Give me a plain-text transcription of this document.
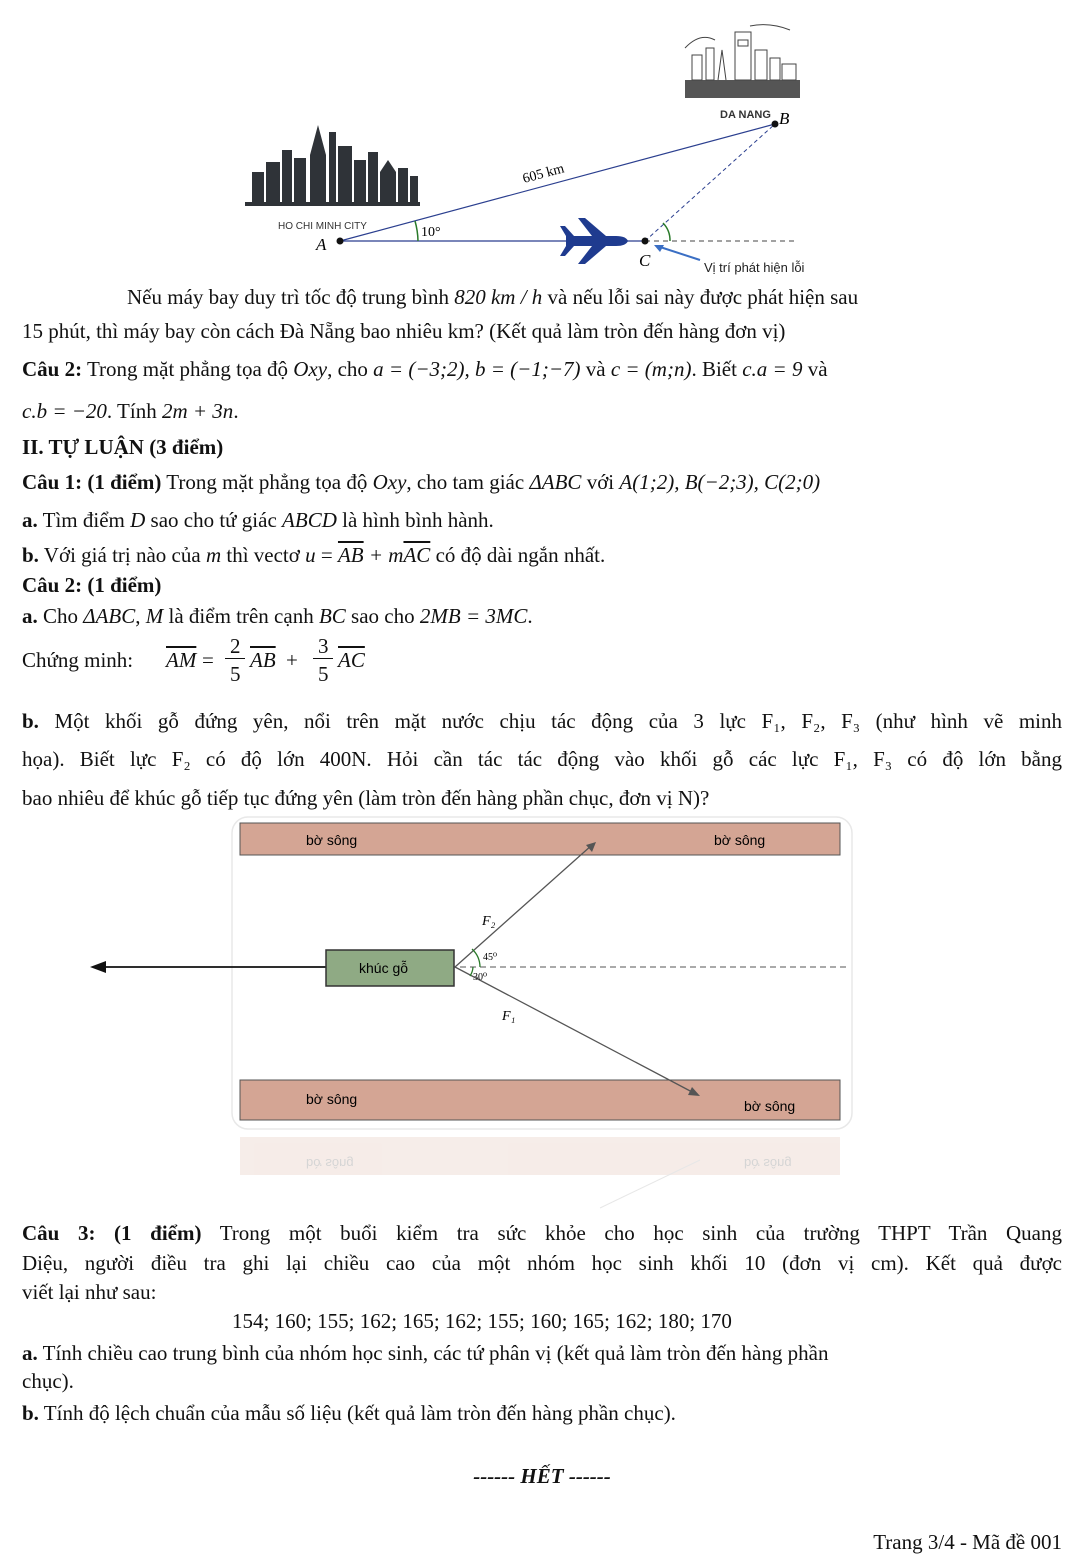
HO CHI MINH CITY
DA NANG
A
C
B
605 km
10°
Vị trí phát hiện lỗi
Nếu máy bay duy trì tốc độ trung bình 820 km / h và nếu lỗi sai này được phát hiện sau
15 phút, thì máy bay còn cách Đà Nẵng bao nhiêu km? (Kết quả làm tròn đến hàng đơn vị)
Câu 2: Trong mặt phẳng tọa độ Oxy, cho a = (−3;2), b = (−1;−7) và c = (m;n). Biết c.a = 9 và
c.b = −20. Tính 2m + 3n.
II. TỰ LUẬN (3 điểm)
Câu 1: (1 điểm) Trong mặt phẳng tọa độ Oxy, cho tam giác ΔABC với A(1;2), B(−2;3), C(2;0)
a. Tìm điểm D sao cho tứ giác ABCD là hình bình hành.
b. Với giá trị nào của m thì vectơ $u = \overline{AB} + m\overline{AC}$ có độ dài ngắn nhất.
Câu 2: (1 điểm)
a. Cho ΔABC, M là điểm trên cạnh BC sao cho 2MB = 3MC.
Chứng minh: $\overline{AM}$ =
2
5
$\overline{AB}$ +
3
5
$\overline{AC}$
b. Một khối gỗ đứng yên, nổi trên mặt nước chịu tác động của 3 lực F₁, F₂, F₃ (như hình vẽ minh
họa). Biết lực F₂ có độ lớn 400N. Hỏi cần tác tác động vào khối gỗ các lực F₁, F₃ có độ lớn bằng
bao nhiêu để khúc gỗ tiếp tục đứng yên (làm tròn đến hàng phần chục, đơn vị N)?
bờ sông	bờ sông
bờ sông	bờ sông
khúc gỗ
F₂
F₁
45⁰
30⁰
bờ sông	bờ sông
Câu 3: (1 điểm) Trong một buổi kiểm tra sức khỏe cho học sinh của trường THPT Trần Quang
Diệu, người điều tra ghi lại chiều cao của một nhóm học sinh khối 10 (đơn vị cm). Kết quả được
viết lại như sau:
154; 160; 155; 162; 165; 162; 155; 160; 165; 162; 180; 170
a. Tính chiều cao trung bình của nhóm học sinh, các tứ phân vị (kết quả làm tròn đến hàng phần
chục).
b. Tính độ lệch chuẩn của mẫu số liệu (kết quả làm tròn đến hàng phần chục).
------ HẾT ------
Trang 3/4 - Mã đề 001
